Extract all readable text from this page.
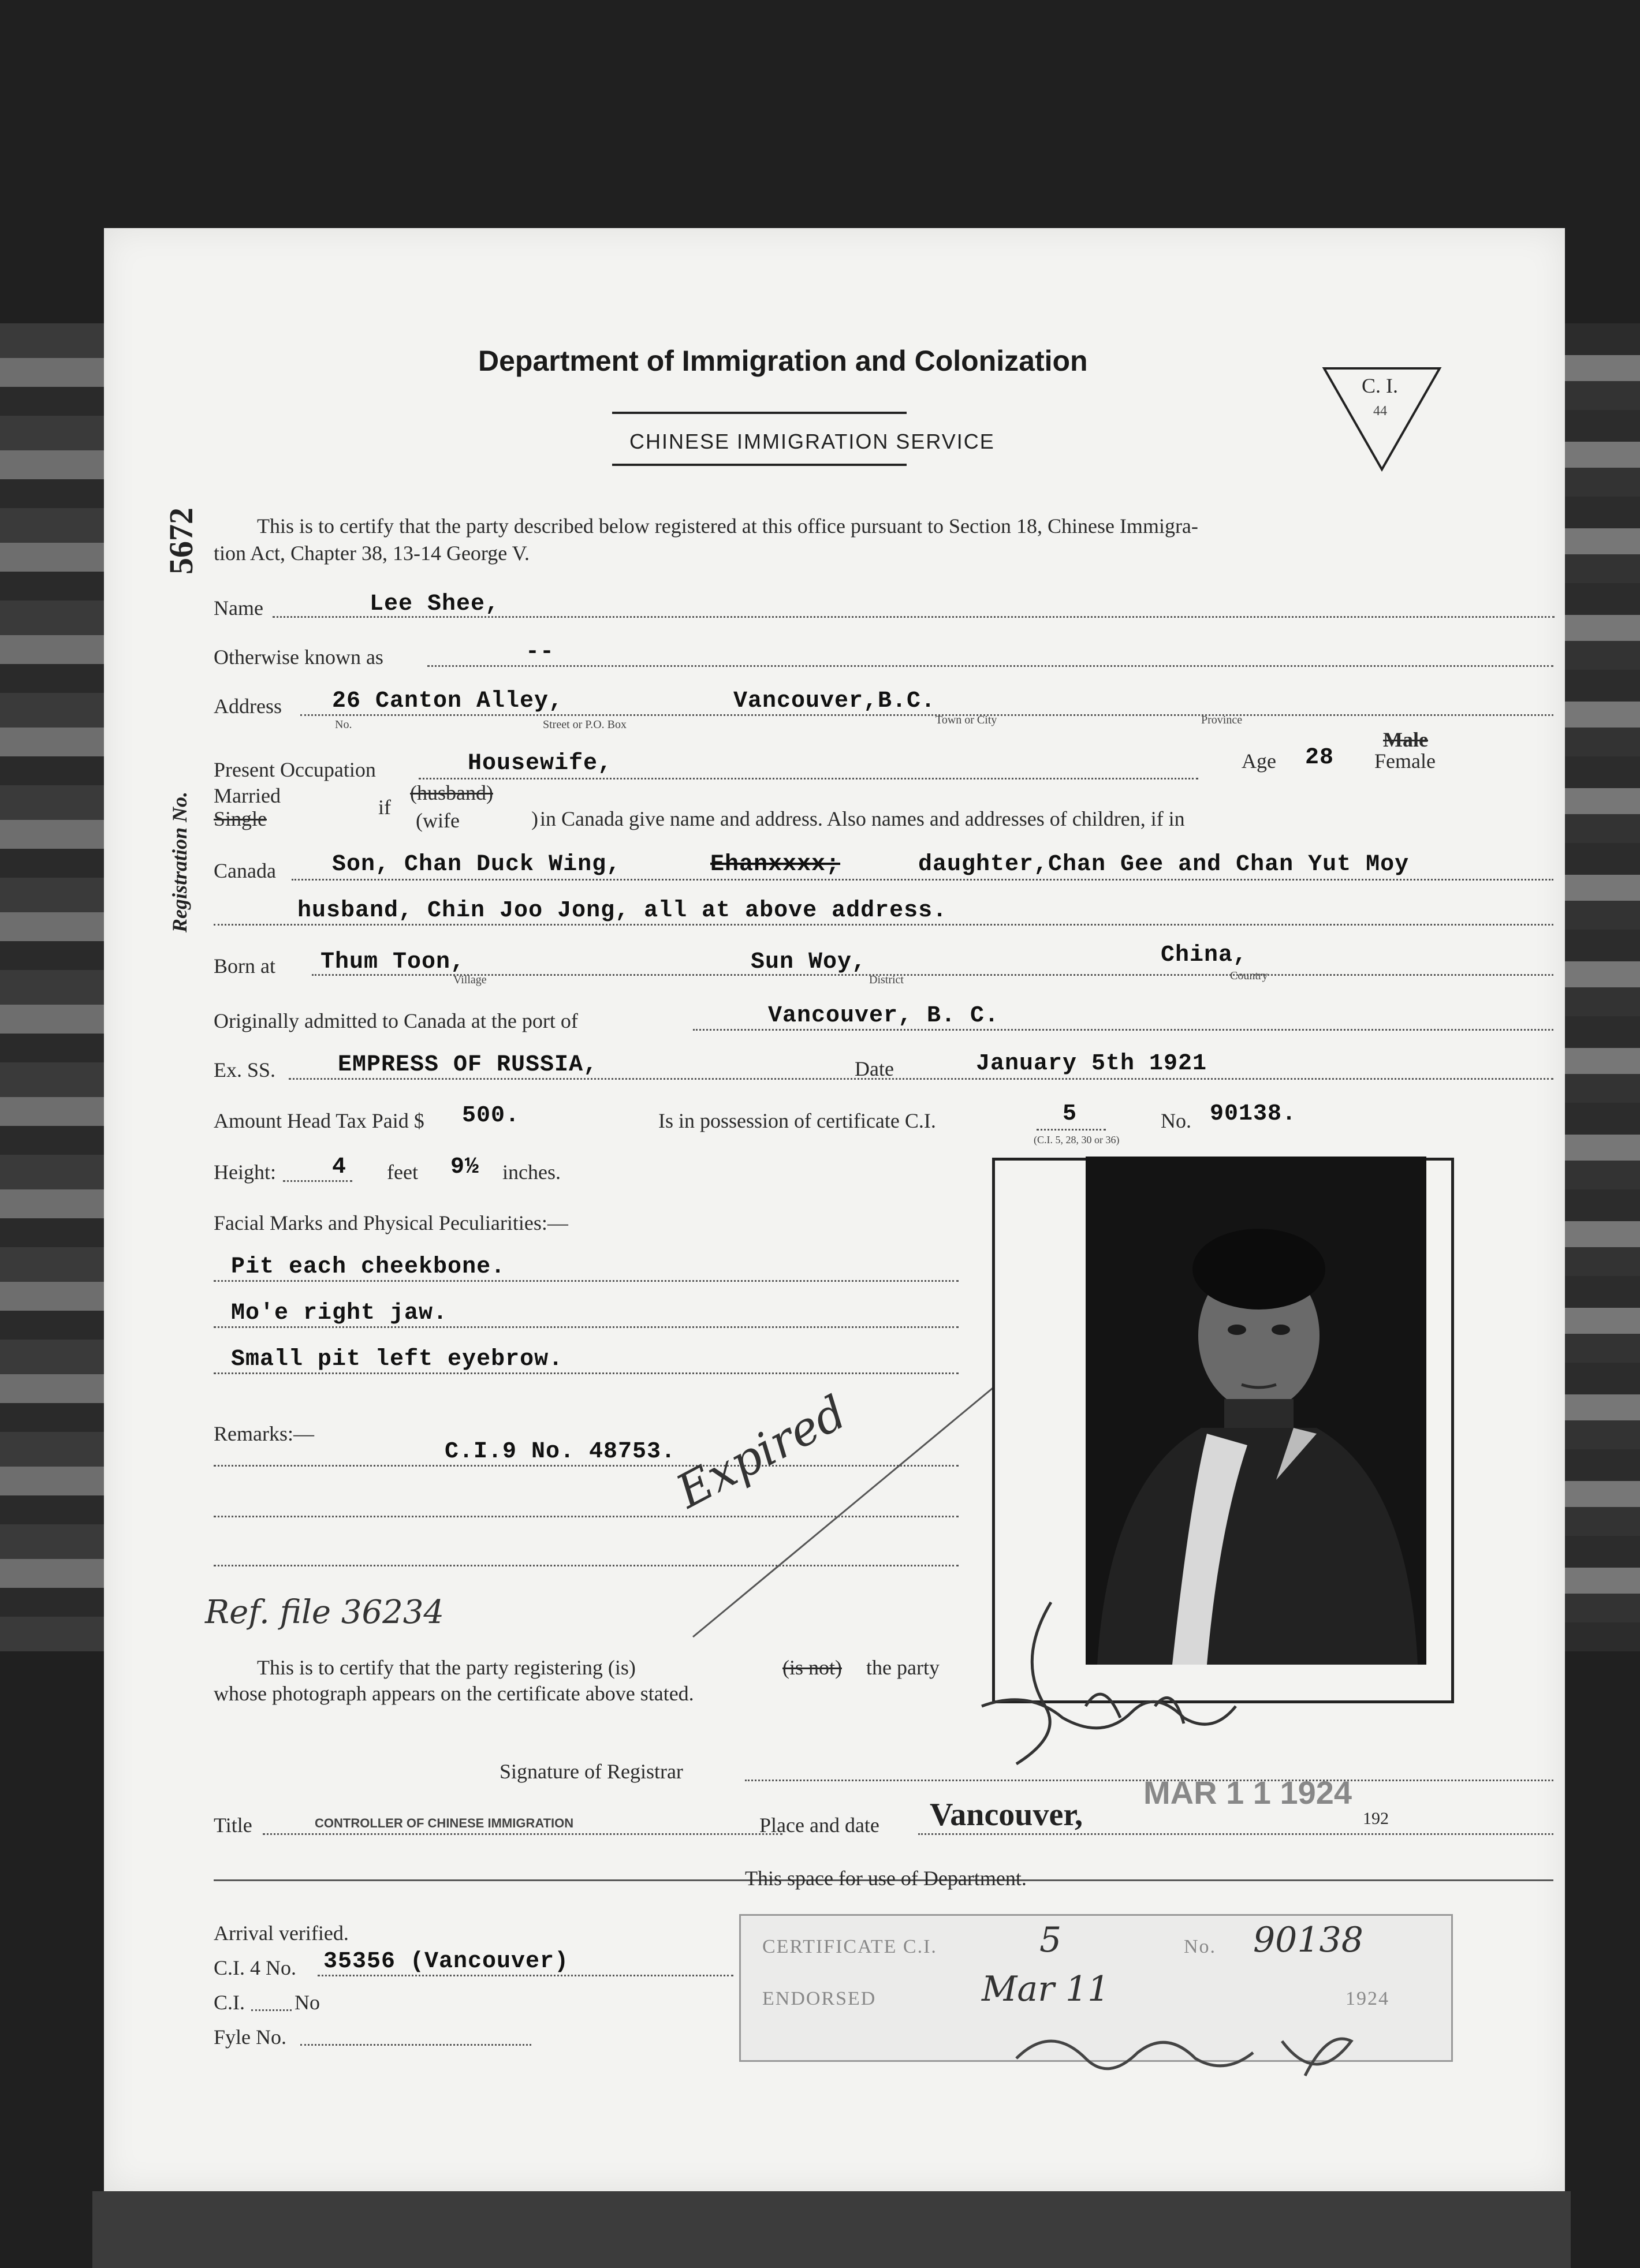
Department of Immigration and Colonization
CHINESE IMMIGRATION SERVICE
C. I.
44
5672
Registration No.
This is to certify that the party described below registered at this office pursuant to Section 18, Chinese Immigra-
tion Act, Chapter 38, 13-14 George V.
Name	Lee Shee,
Otherwise known as	--
Address 26 Canton Alley,	Vancouver,B.C.
No.	Street or P.O. Box	Town or City	Province
Present Occupation	Housewife,	Age 28
Male
Female
Married
Single	if
(husband)
(wife	) in Canada give name and address. Also names and addresses of children, if in
Canada Son, Chan Duck Wing,	Ehanxxxx;	daughter,Chan Gee and Chan Yut Moy
husband, Chin Joo Jong, all at above address.
Born at Thum Toon,	Sun Woy,	China,
Village	District	Country
Originally admitted to Canada at the port of	Vancouver, B. C.
Ex. SS.	EMPRESS OF RUSSIA,	Date	January 5th 1921
Amount Head Tax Paid $ 500.	Is in possession of certificate C.I.	5	No. 90138.
(C.I. 5, 28, 30 or 36)
Height: 4 feet 9½ inches.
Facial Marks and Physical Peculiarities:—
Pit each cheekbone.
Mo'e right jaw.
Small pit left eyebrow.
Remarks:—
C.I.9 No. 48753.
Expired
Ref. file 36234
This is to certify that the party registering (is)	(is not) the party
whose photograph appears on the certificate above stated.
Signature of Registrar
Title	CONTROLLER OF CHINESE IMMIGRATION	Place and date Vancouver,
MAR 1 1 1924
192
This space for use of Department.
Arrival verified.
C.I. 4 No. 35356 (Vancouver)
C.I. No
Fyle No.
CERTIFICATE C.I.	5	No. 90138
ENDORSED	Mar 11	1924
